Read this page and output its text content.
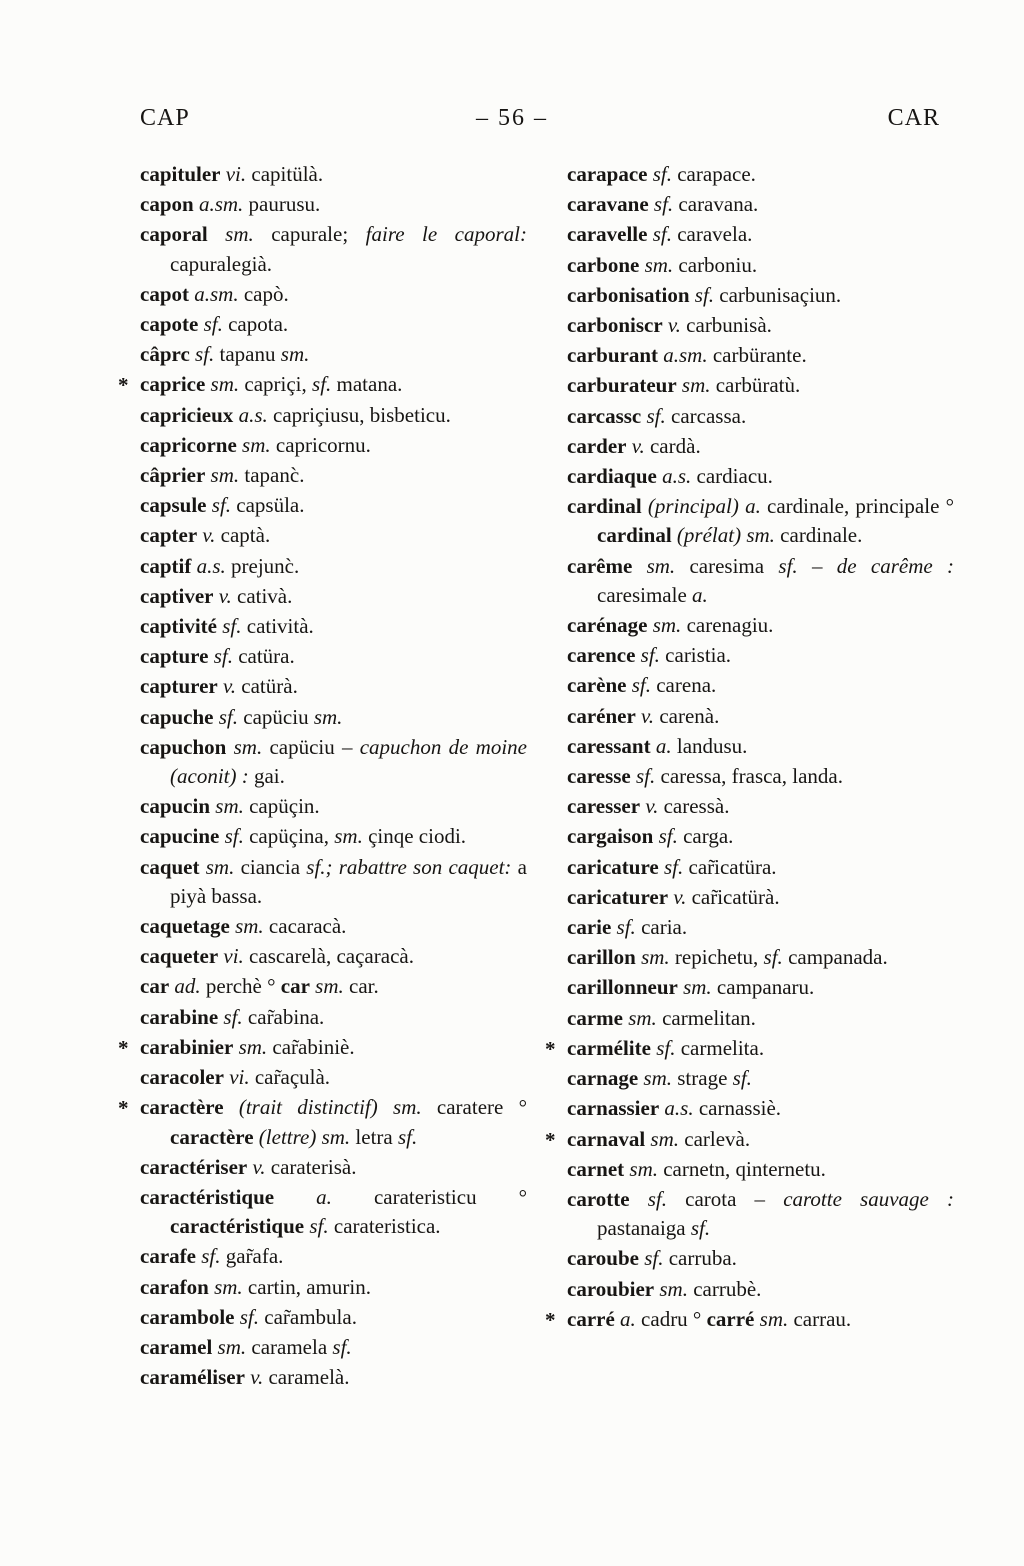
CAP	– 56 –	CAR
capituler vi. capitülà.
capon a.sm. paurusu.
caporal sm. capurale; faire le caporal: capuralegià.
capot a.sm. capò.
capote sf. capota.
câprc sf. tapanu sm.
* caprice sm. capriçi, sf. matana.
capricieux a.s. capriçiusu, bisbeticu.
capricorne sm. capricornu.
câprier sm. tapanc̀.
capsule sf. capsüla.
capter v. captà.
captif a.s. prejunc̀.
captiver v. cativà.
captivité sf. catività.
capture sf. catüra.
capturer v. catürà.
capuche sf. capüciu sm.
capuchon sm. capüciu – capuchon de moine (aconit) : gai.
capucin sm. capüçin.
capucine sf. capüçina, sm. çinqe ciodi.
caquet sm. ciancia sf.; rabattre son caquet: a piyà bassa.
caquetage sm. cacaracà.
caqueter vi. cascarelà, caçaracà.
car ad. perchè ° car sm. car.
carabine sf. car̃abina.
* carabinier sm. car̃abiniè.
caracoler vi. car̃açulà.
* caractère (trait distinctif) sm. caratere ° caractère (lettre) sm. letra sf.
caractériser v. caraterisà.
caractéristique a. carateristicu ° caractéristique sf. carateristica.
carafe sf. gar̃afa.
carafon sm. cartin, amurin.
carambole sf. car̃ambula.
caramel sm. caramela sf.
caraméliser v. caramelà.
carapace sf. carapace.
caravane sf. caravana.
caravelle sf. caravela.
carbone sm. carboniu.
carbonisation sf. carbunisaçiun.
carboniscr v. carbunisà.
carburant a.sm. carbürante.
carburateur sm. carbüratù.
carcassc sf. carcassa.
carder v. cardà.
cardiaque a.s. cardiacu.
cardinal (principal) a. cardinale, principale ° cardinal (prélat) sm. cardinale.
carême sm. caresima sf. – de carême : caresimale a.
carénage sm. carenagiu.
carence sf. caristia.
carène sf. carena.
caréner v. carenà.
caressant a. landusu.
caresse sf. caressa, frasca, landa.
caresser v. caressà.
cargaison sf. carga.
caricature sf. car̃icatüra.
caricaturer v. car̃icatürà.
carie sf. caria.
carillon sm. repichetu, sf. campanada.
carillonneur sm. campanaru.
carme sm. carmelitan.
* carmélite sf. carmelita.
carnage sm. strage sf.
carnassier a.s. carnassiè.
* carnaval sm. carlevà.
carnet sm. carnetn, qinternetu.
carotte sf. carota – carotte sauvage : pastanaiga sf.
caroube sf. carruba.
caroubier sm. carrubè.
* carré a. cadru ° carré sm. carrau.
